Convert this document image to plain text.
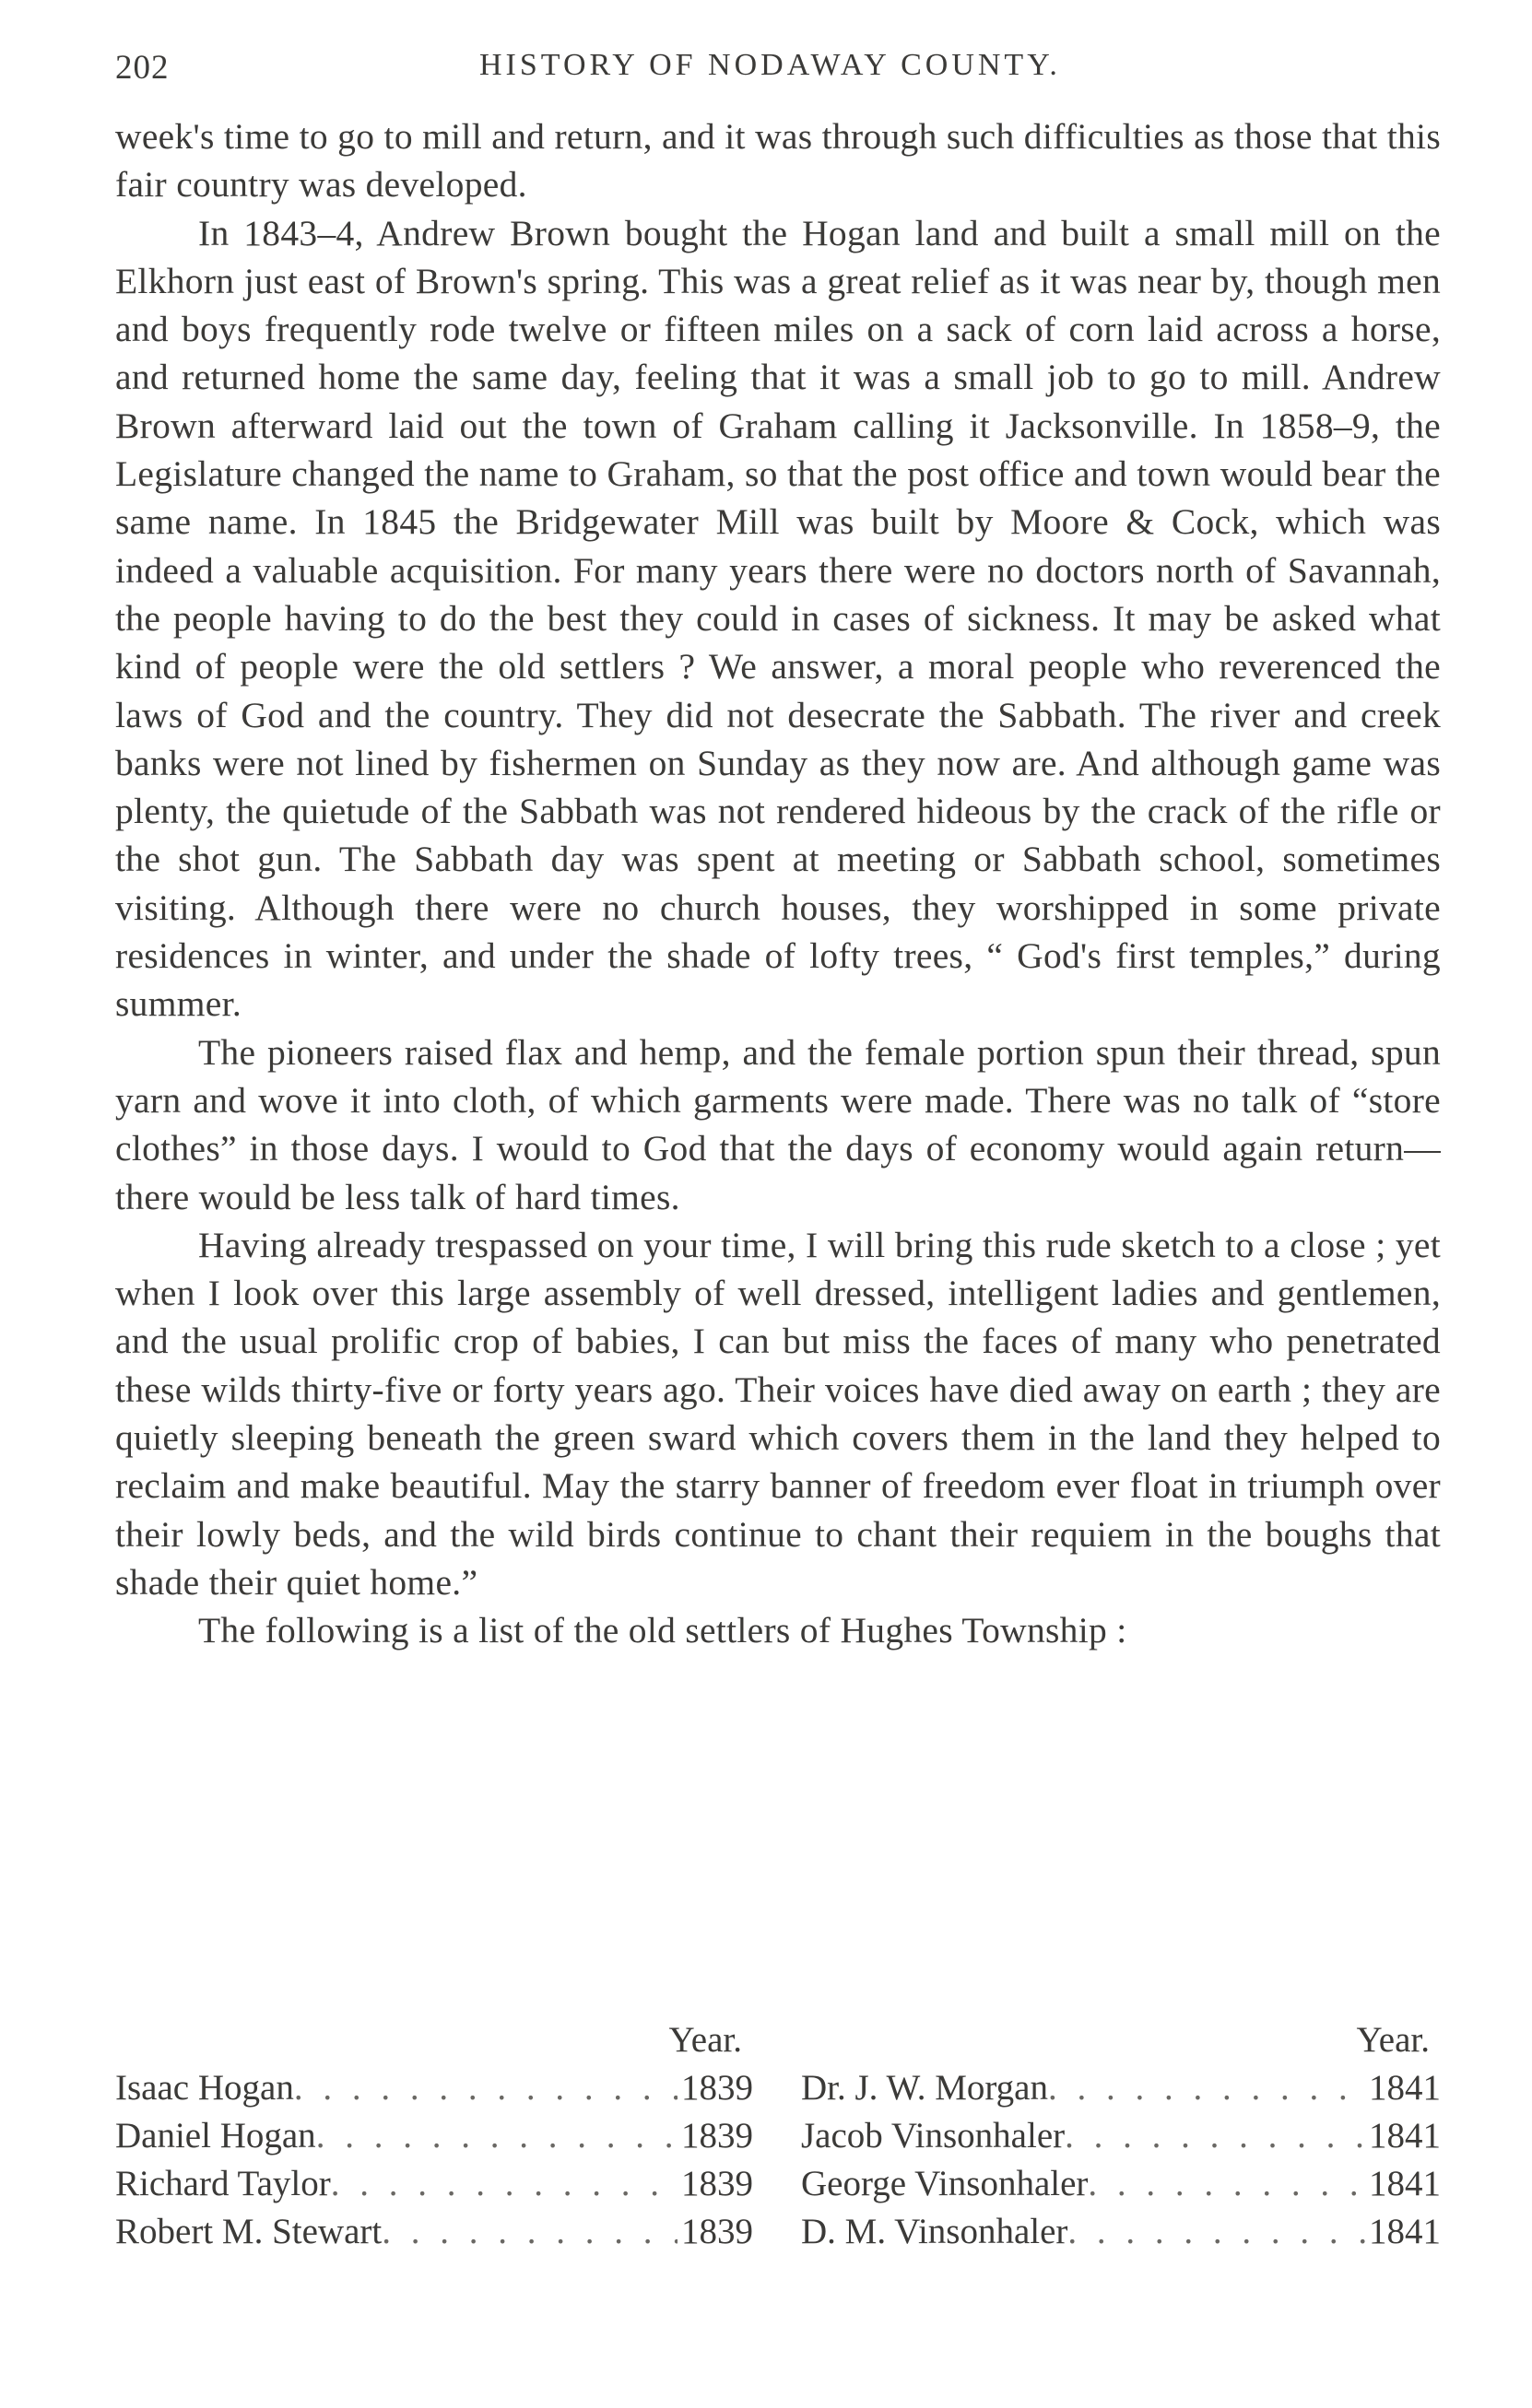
202	HISTORY OF NODAWAY COUNTY.

week's time to go to mill and return, and it was through such difficulties as those that this fair country was developed.

In 1843–4, Andrew Brown bought the Hogan land and built a small mill on the Elkhorn just east of Brown's spring. This was a great relief as it was near by, though men and boys frequently rode twelve or fifteen miles on a sack of corn laid across a horse, and returned home the same day, feeling that it was a small job to go to mill. Andrew Brown afterward laid out the town of Graham calling it Jacksonville. In 1858–9, the Legislature changed the name to Graham, so that the post office and town would bear the same name. In 1845 the Bridgewater Mill was built by Moore & Cock, which was indeed a valuable acquisition. For many years there were no doctors north of Savannah, the people having to do the best they could in cases of sickness. It may be asked what kind of people were the old settlers ? We answer, a moral people who reverenced the laws of God and the country. They did not desecrate the Sabbath. The river and creek banks were not lined by fishermen on Sunday as they now are. And although game was plenty, the quietude of the Sabbath was not rendered hideous by the crack of the rifle or the shot gun. The Sabbath day was spent at meeting or Sabbath school, sometimes visiting. Although there were no church houses, they worshipped in some private residences in winter, and under the shade of lofty trees, “ God's first temples,” during summer.

The pioneers raised flax and hemp, and the female portion spun their thread, spun yarn and wove it into cloth, of which garments were made. There was no talk of “store clothes” in those days. I would to God that the days of economy would again return—there would be less talk of hard times.

Having already trespassed on your time, I will bring this rude sketch to a close ; yet when I look over this large assembly of well dressed, intelligent ladies and gentlemen, and the usual prolific crop of babies, I can but miss the faces of many who penetrated these wilds thirty-five or forty years ago. Their voices have died away on earth ; they are quietly sleeping beneath the green sward which covers them in the land they helped to reclaim and make beautiful. May the starry banner of freedom ever float in triumph over their lowly beds, and the wild birds continue to chant their requiem in the boughs that shade their quiet home.”

The following is a list of the old settlers of Hughes Township :

Year.
Isaac Hogan . . .	1839
Daniel Hogan . . .	1839
Richard Taylor . . .	1839
Robert M. Stewart . . .	1839
Year.
Dr. J. W. Morgan . . .	1841
Jacob Vinsonhaler . . .	1841
George Vinsonhaler . . .	1841
D. M. Vinsonhaler . . .	1841
